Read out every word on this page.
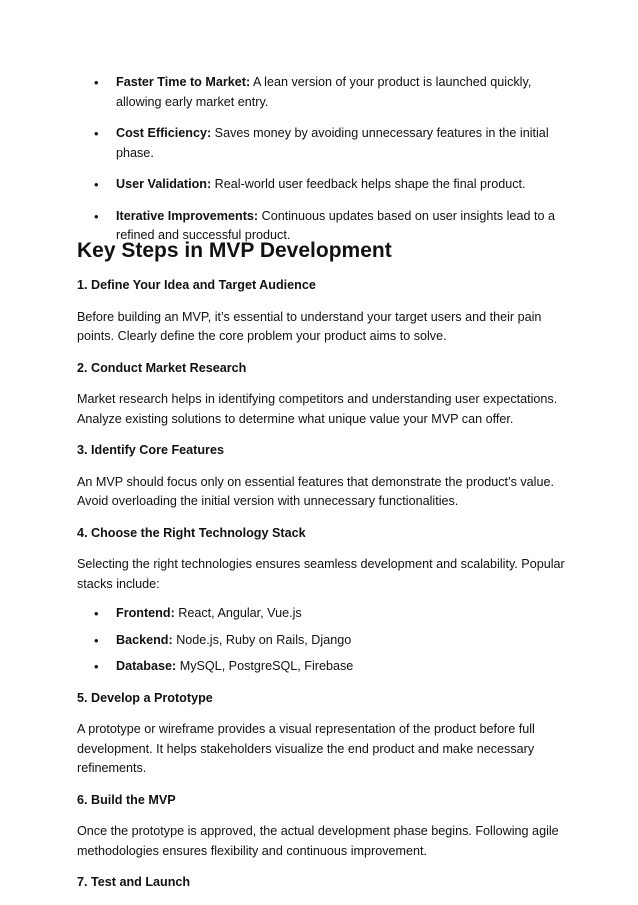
• Faster Time to Market: A lean version of your product is launched quickly, allowing early market entry.
• Cost Efficiency: Saves money by avoiding unnecessary features in the initial phase.
• User Validation: Real-world user feedback helps shape the final product.
• Iterative Improvements: Continuous updates based on user insights lead to a refined and successful product.
Key Steps in MVP Development
1. Define Your Idea and Target Audience
Before building an MVP, it’s essential to understand your target users and their pain points. Clearly define the core problem your product aims to solve.
2. Conduct Market Research
Market research helps in identifying competitors and understanding user expectations. Analyze existing solutions to determine what unique value your MVP can offer.
3. Identify Core Features
An MVP should focus only on essential features that demonstrate the product’s value. Avoid overloading the initial version with unnecessary functionalities.
4. Choose the Right Technology Stack
Selecting the right technologies ensures seamless development and scalability. Popular stacks include:
• Frontend: React, Angular, Vue.js
• Backend: Node.js, Ruby on Rails, Django
• Database: MySQL, PostgreSQL, Firebase
5. Develop a Prototype
A prototype or wireframe provides a visual representation of the product before full development. It helps stakeholders visualize the end product and make necessary refinements.
6. Build the MVP
Once the prototype is approved, the actual development phase begins. Following agile methodologies ensures flexibility and continuous improvement.
7. Test and Launch
